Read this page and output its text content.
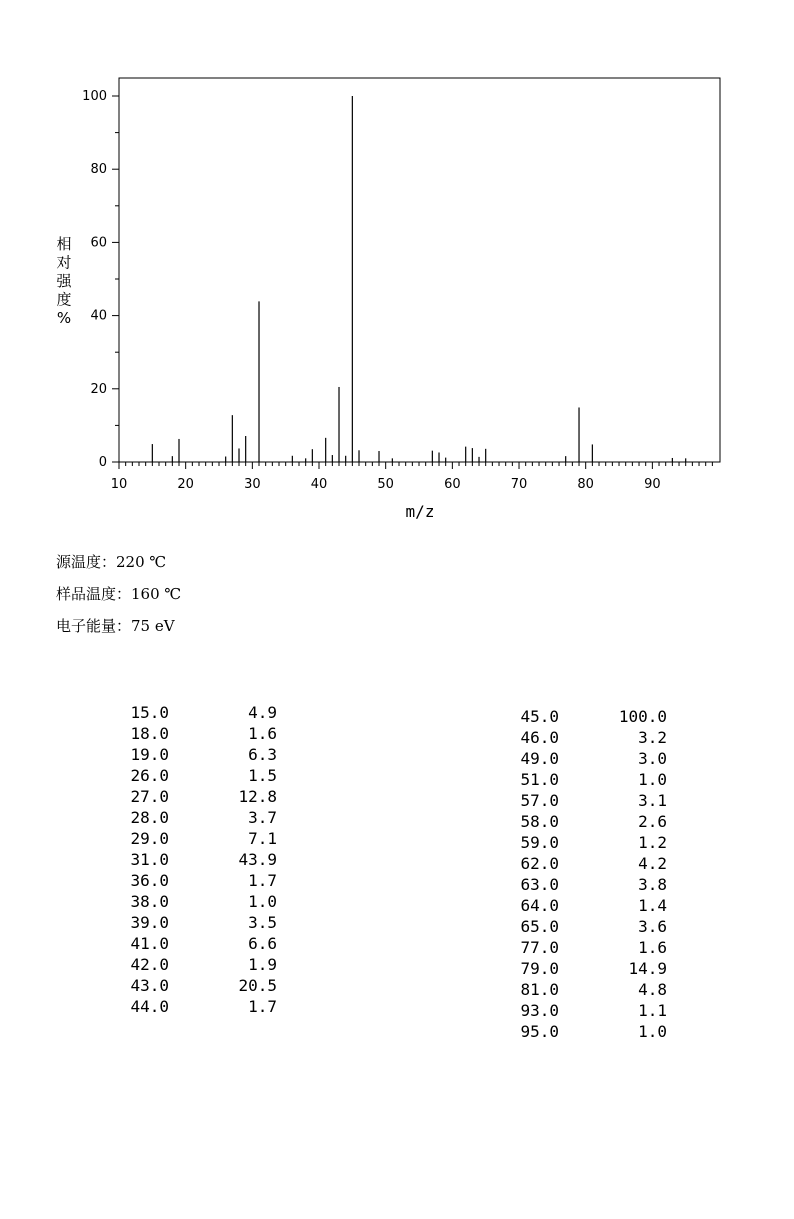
0
20
40
60
80
100
10	20	30	40	50	60	70	80	90
相
对
强
度
%
m/z
源温度：220 ℃
样品温度：160 ℃
电子能量：75 eV
15.0	4.9
18.0	1.6
19.0	6.3
26.0	1.5
27.0	12.8
28.0	3.7
29.0	7.1
31.0	43.9
36.0	1.7
38.0	1.0
39.0	3.5
41.0	6.6
42.0	1.9
43.0	20.5
44.0	1.7
45.0	100.0
46.0	3.2
49.0	3.0
51.0	1.0
57.0	3.1
58.0	2.6
59.0	1.2
62.0	4.2
63.0	3.8
64.0	1.4
65.0	3.6
77.0	1.6
79.0	14.9
81.0	4.8
93.0	1.1
95.0	1.0
